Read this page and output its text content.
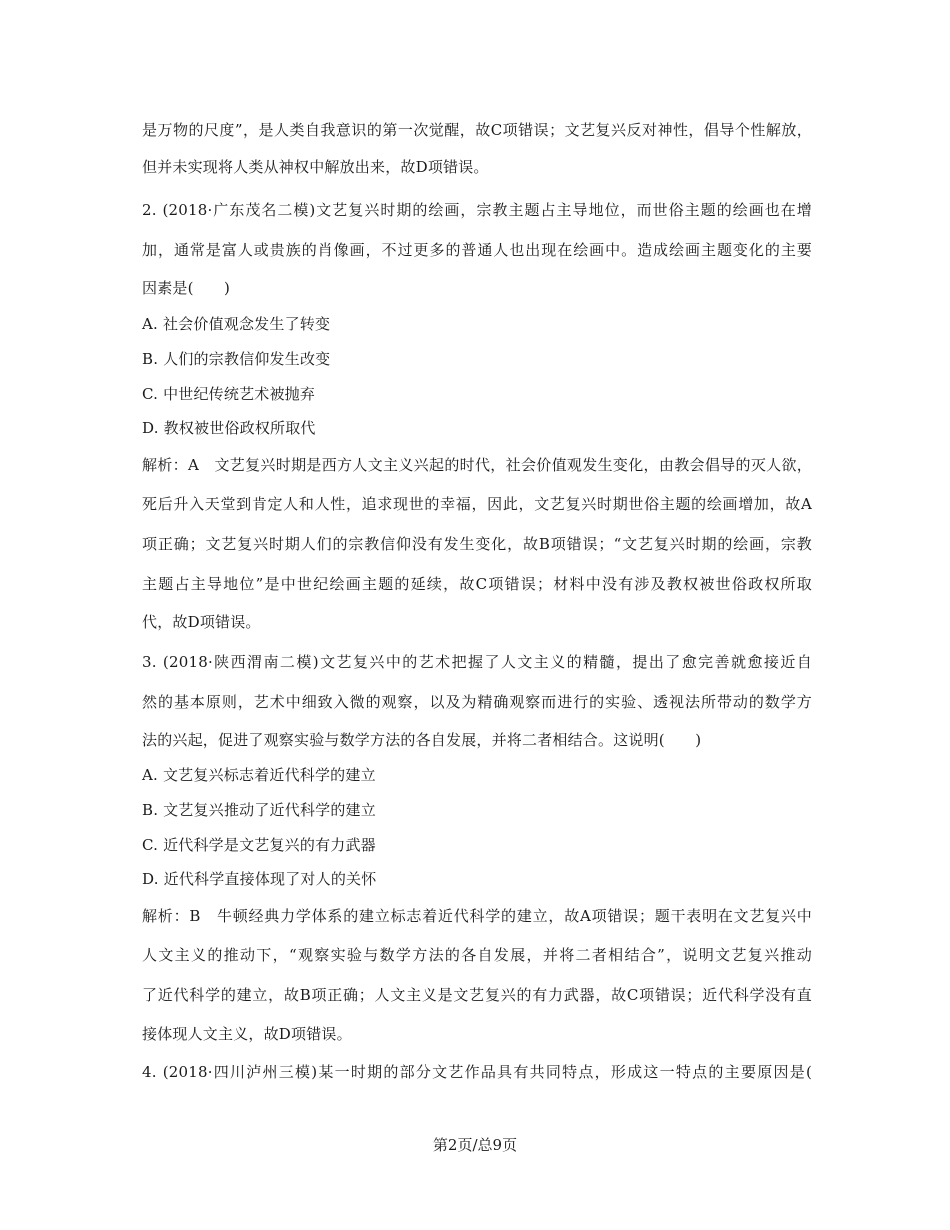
是万物的尺度”，是人类自我意识的第一次觉醒，故C项错误；文艺复兴反对神性，倡导个性解放，
但并未实现将人类从神权中解放出来，故D项错误。
2. (2018·广东茂名二模)文艺复兴时期的绘画，宗教主题占主导地位，而世俗主题的绘画也在增
加，通常是富人或贵族的肖像画，不过更多的普通人也出现在绘画中。造成绘画主题变化的主要
因素是(　　)
A. 社会价值观念发生了转变
B. 人们的宗教信仰发生改变
C. 中世纪传统艺术被抛弃
D. 教权被世俗政权所取代
解析：A　文艺复兴时期是西方人文主义兴起的时代，社会价值观发生变化，由教会倡导的灭人欲，
死后升入天堂到肯定人和人性，追求现世的幸福，因此，文艺复兴时期世俗主题的绘画增加，故A
项正确；文艺复兴时期人们的宗教信仰没有发生变化，故B项错误；“文艺复兴时期的绘画，宗教
主题占主导地位”是中世纪绘画主题的延续，故C项错误；材料中没有涉及教权被世俗政权所取
代，故D项错误。
3. (2018·陕西渭南二模)文艺复兴中的艺术把握了人文主义的精髓，提出了愈完善就愈接近自
然的基本原则，艺术中细致入微的观察，以及为精确观察而进行的实验、透视法所带动的数学方
法的兴起，促进了观察实验与数学方法的各自发展，并将二者相结合。这说明(　　)
A. 文艺复兴标志着近代科学的建立
B. 文艺复兴推动了近代科学的建立
C. 近代科学是文艺复兴的有力武器
D. 近代科学直接体现了对人的关怀
解析：B　牛顿经典力学体系的建立标志着近代科学的建立，故A项错误；题干表明在文艺复兴中
人文主义的推动下，“观察实验与数学方法的各自发展，并将二者相结合”，说明文艺复兴推动
了近代科学的建立，故B项正确；人文主义是文艺复兴的有力武器，故C项错误；近代科学没有直
接体现人文主义，故D项错误。
4. (2018·四川泸州三模)某一时期的部分文艺作品具有共同特点，形成这一特点的主要原因是(
第2页/总9页
